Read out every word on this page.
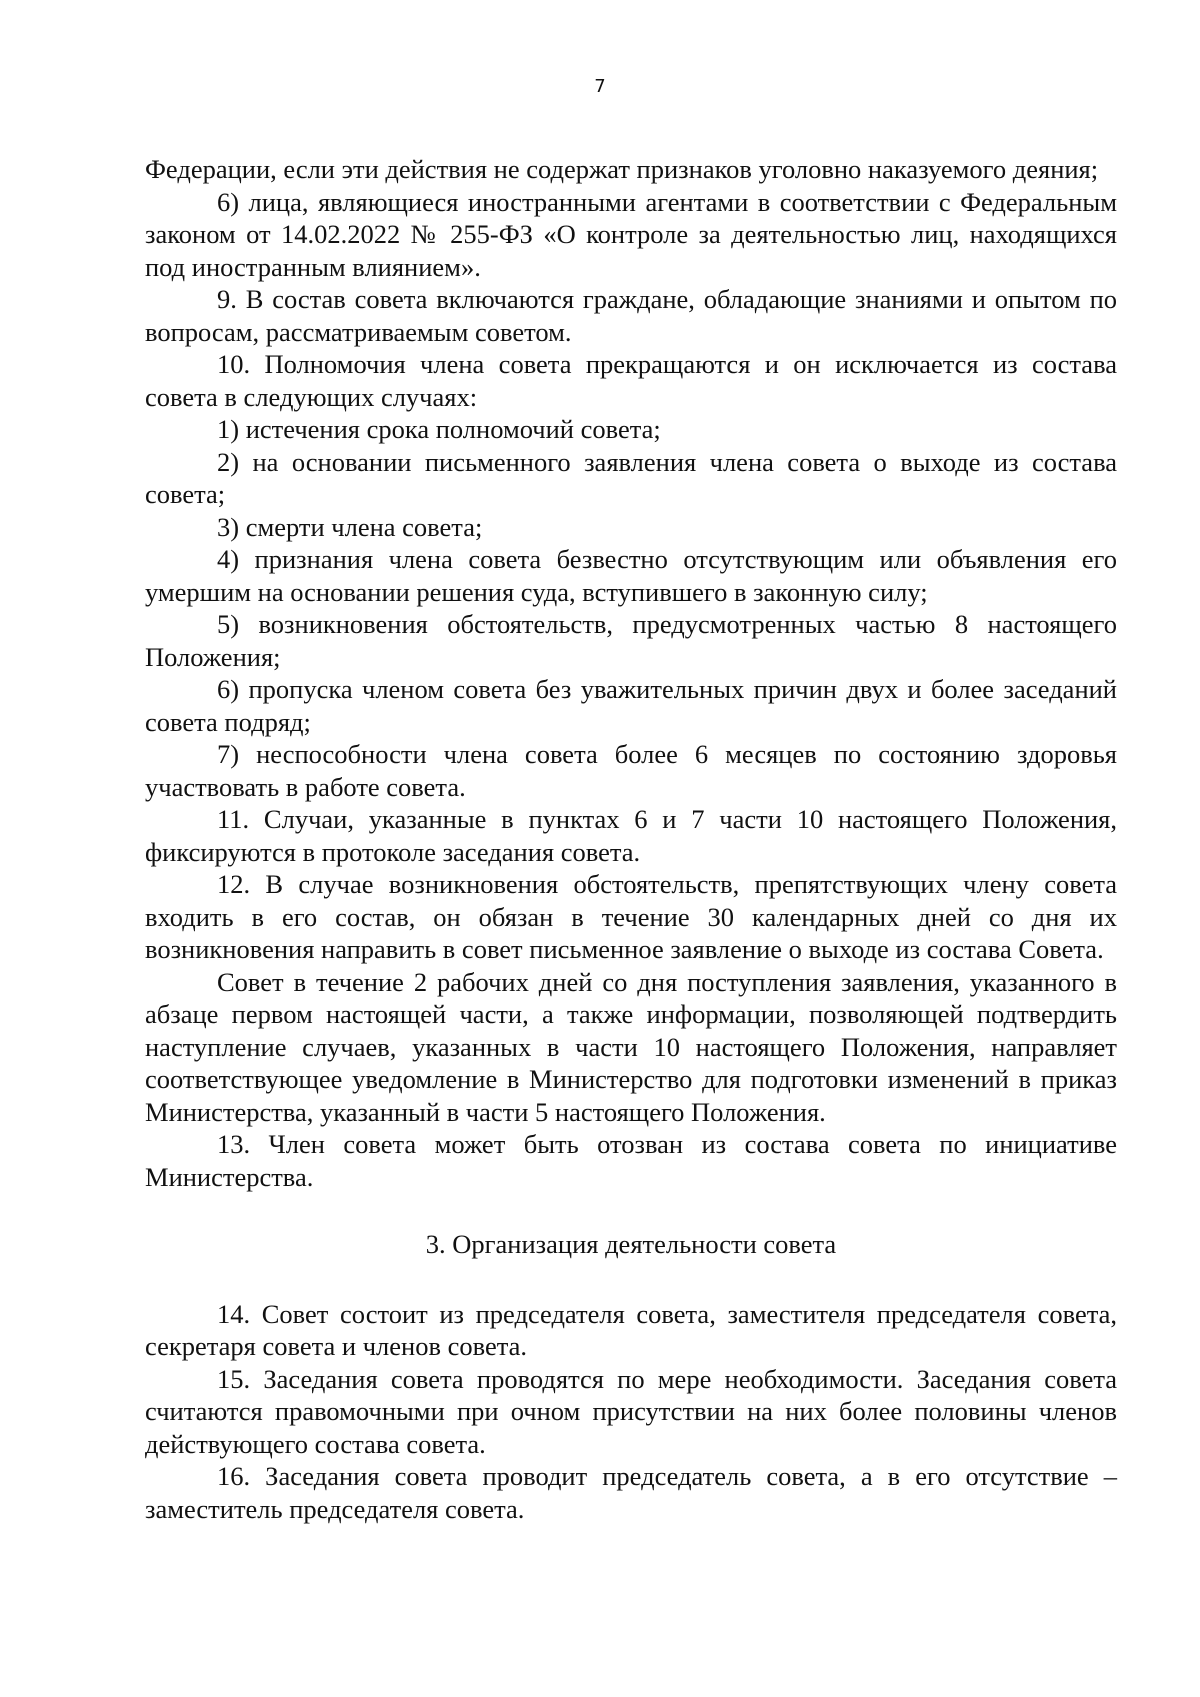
7

Федерации, если эти действия не содержат признаков уголовно наказуемого деяния;

6) лица, являющиеся иностранными агентами в соответствии с Федеральным законом от 14.02.2022 № 255-ФЗ «О контроле за деятельностью лиц, находящихся под иностранным влиянием».

9. В состав совета включаются граждане, обладающие знаниями и опытом по вопросам, рассматриваемым советом.

10. Полномочия члена совета прекращаются и он исключается из состава совета в следующих случаях:

1) истечения срока полномочий совета;

2) на основании письменного заявления члена совета о выходе из состава совета;

3) смерти члена совета;

4) признания члена совета безвестно отсутствующим или объявления его умершим на основании решения суда, вступившего в законную силу;

5) возникновения обстоятельств, предусмотренных частью 8 настоящего Положения;

6) пропуска членом совета без уважительных причин двух и более заседаний совета подряд;

7) неспособности члена совета более 6 месяцев по состоянию здоровья участвовать в работе совета.

11. Случаи, указанные в пунктах 6 и 7 части 10 настоящего Положения, фиксируются в протоколе заседания совета.

12. В случае возникновения обстоятельств, препятствующих члену совета входить в его состав, он обязан в течение 30 календарных дней со дня их возникновения направить в совет письменное заявление о выходе из состава Совета.

Совет в течение 2 рабочих дней со дня поступления заявления, указанного в абзаце первом настоящей части, а также информации, позволяющей подтвердить наступление случаев, указанных в части 10 настоящего Положения, направляет соответствующее уведомление в Министерство для подготовки изменений в приказ Министерства, указанный в части 5 настоящего Положения.

13. Член совета может быть отозван из состава совета по инициативе Министерства.

3. Организация деятельности совета

14. Совет состоит из председателя совета, заместителя председателя совета, секретаря совета и членов совета.

15. Заседания совета проводятся по мере необходимости. Заседания совета считаются правомочными при очном присутствии на них более половины членов действующего состава совета.

16. Заседания совета проводит председатель совета, а в его отсутствие – заместитель председателя совета.
